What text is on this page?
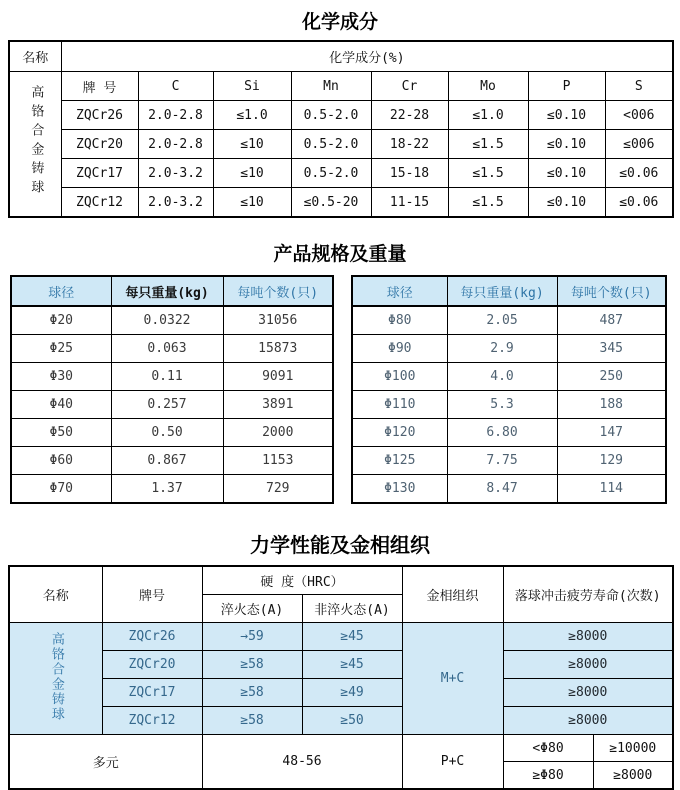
化学成分
名称	化学成分(%)							
高铬合金铸球	牌 号	C	Si	Mn	Cr	Mo	P	S
	ZQCr26	2.0-2.8	≤1.0	0.5-2.0	22-28	≤1.0	≤0.10	<006
	ZQCr20	2.0-2.8	≤10	0.5-2.0	18-22	≤1.5	≤0.10	≤006
	ZQCr17	2.0-3.2	≤10	0.5-2.0	15-18	≤1.5	≤0.10	≤0.06
	ZQCr12	2.0-3.2	≤10	≤0.5-20	11-15	≤1.5	≤0.10	≤0.06
产品规格及重量
球径	每只重量(kg)	每吨个数(只)
Φ20	0.0322	31056
Φ25	0.063	15873
Φ30	0.11	9091
Φ40	0.257	3891
Φ50	0.50	2000
Φ60	0.867	1153
Φ70	1.37	729
球径	每只重量(kg)	每吨个数(只)
Φ80	2.05	487
Φ90	2.9	345
Φ100	4.0	250
Φ110	5.3	188
Φ120	6.80	147
Φ125	7.75	129
Φ130	8.47	114
力学性能及金相组织
名称	牌号	硬 度（HRC）		金相组织	落球冲击疲劳寿命(次数)	
		淬火态(A)	非淬火态(A)			
高铬合金铸球	ZQCr26	→59	≥45	M+C	≥8000	
	ZQCr20	≥58	≥45		≥8000	
	ZQCr17	≥58	≥49		≥8000	
	ZQCr12	≥58	≥50		≥8000	
多元		48-56		P+C	<Φ80	≥10000
					≥Φ80	≥8000
